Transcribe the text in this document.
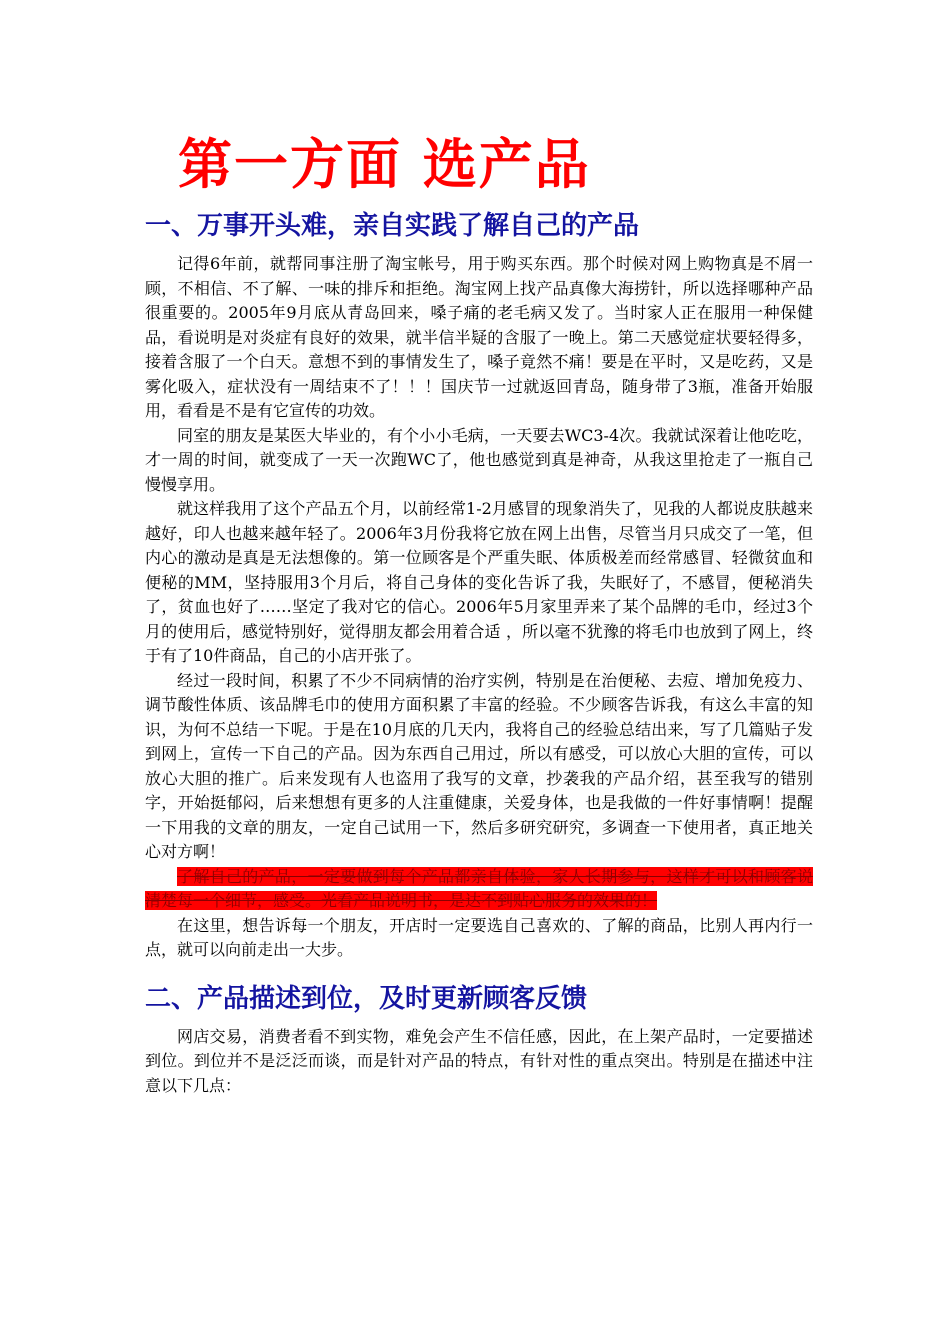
第一方面 选产品
一、万事开头难，亲自实践了解自己的产品

记得6年前，就帮同事注册了淘宝帐号，用于购买东西。那个时候对网上购物真是不屑一顾，不相信、不了解、一味的排斥和拒绝。淘宝网上找产品真像大海捞针，所以选择哪种产品很重要的。2005年9月底从青岛回来，嗓子痛的老毛病又发了。当时家人正在服用一种保健品，看说明是对炎症有良好的效果，就半信半疑的含服了一晚上。第二天感觉症状要轻得多，接着含服了一个白天。意想不到的事情发生了，嗓子竟然不痛！要是在平时，又是吃药，又是雾化吸入，症状没有一周结束不了！！！国庆节一过就返回青岛，随身带了3瓶，准备开始服用，看看是不是有它宣传的功效。

同室的朋友是某医大毕业的，有个小小毛病，一天要去WC3-4次。我就试深着让他吃吃，才一周的时间，就变成了一天一次跑WC了，他也感觉到真是神奇，从我这里抢走了一瓶自己慢慢享用。

就这样我用了这个产品五个月，以前经常1-2月感冒的现象消失了，见我的人都说皮肤越来越好，印人也越来越年轻了。2006年3月份我将它放在网上出售，尽管当月只成交了一笔，但内心的激动是真是无法想像的。第一位顾客是个严重失眠、体质极差而经常感冒、轻微贫血和便秘的MM，坚持服用3个月后，将自己身体的变化告诉了我，失眠好了，不感冒，便秘消失了，贫血也好了……坚定了我对它的信心。2006年5月家里弄来了某个品牌的毛巾，经过3个月的使用后，感觉特别好，觉得朋友都会用着合适 ，所以毫不犹豫的将毛巾也放到了网上，终于有了10件商品，自己的小店开张了。

经过一段时间，积累了不少不同病情的治疗实例，特别是在治便秘、去痘、增加免疫力、调节酸性体质、该品牌毛巾的使用方面积累了丰富的经验。不少顾客告诉我，有这么丰富的知识，为何不总结一下呢。于是在10月底的几天内，我将自己的经验总结出来，写了几篇贴子发到网上，宣传一下自己的产品。因为东西自己用过，所以有感受，可以放心大胆的宣传，可以放心大胆的推广。后来发现有人也盗用了我写的文章，抄袭我的产品介绍，甚至我写的错别字，开始挺郁闷，后来想想有更多的人注重健康，关爱身体，也是我做的一件好事情啊！提醒一下用我的文章的朋友，一定自己试用一下，然后多研究研究，多调查一下使用者，真正地关心对方啊！

了解自己的产品，一定要做到每个产品都亲自体验，家人长期参与，这样才可以和顾客说清楚每一个细节，感受。光看产品说明书，是达不到贴心服务的效果的！

在这里，想告诉每一个朋友，开店时一定要选自己喜欢的、了解的商品，比别人再内行一点，就可以向前走出一大步。

二、产品描述到位，及时更新顾客反馈

网店交易，消费者看不到实物，难免会产生不信任感，因此，在上架产品时，一定要描述到位。到位并不是泛泛而谈，而是针对产品的特点，有针对性的重点突出。特别是在描述中注意以下几点：
